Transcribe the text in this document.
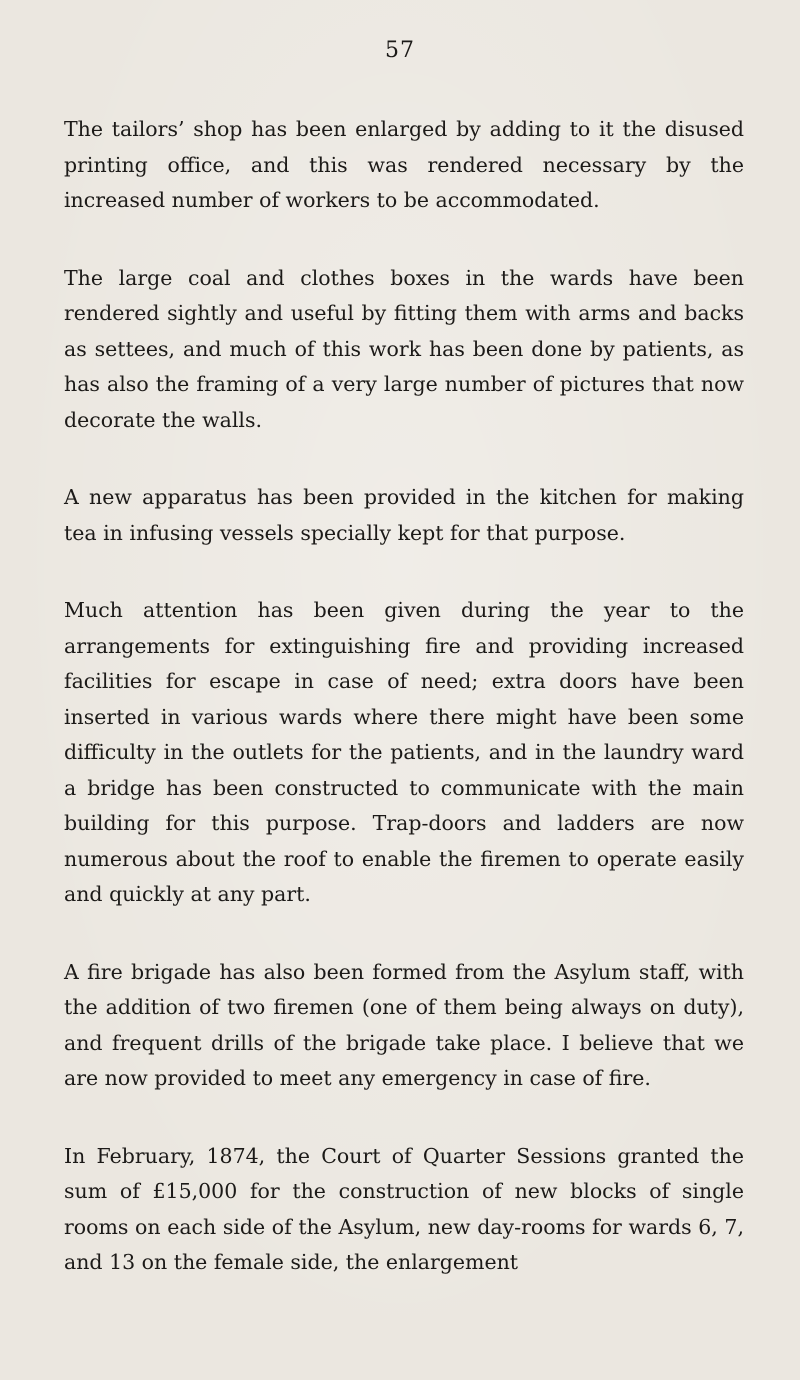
57

The tailors’ shop has been enlarged by adding to it the disused printing office, and this was rendered necessary by the increased number of workers to be accommodated.

The large coal and clothes boxes in the wards have been rendered sightly and useful by fitting them with arms and backs as settees, and much of this work has been done by patients, as has also the framing of a very large number of pictures that now decorate the walls.

A new apparatus has been provided in the kitchen for making tea in infusing vessels specially kept for that purpose.

Much attention has been given during the year to the arrangements for extinguishing fire and providing increased facilities for escape in case of need; extra doors have been inserted in various wards where there might have been some difficulty in the outlets for the patients, and in the laundry ward a bridge has been constructed to communicate with the main building for this purpose. Trap-doors and ladders are now numerous about the roof to enable the firemen to operate easily and quickly at any part.

A fire brigade has also been formed from the Asylum staff, with the addition of two firemen (one of them being always on duty), and frequent drills of the brigade take place. I believe that we are now provided to meet any emergency in case of fire.

In February, 1874, the Court of Quarter Sessions granted the sum of £15,000 for the construction of new blocks of single rooms on each side of the Asylum, new day-rooms for wards 6, 7, and 13 on the female side, the enlargement
